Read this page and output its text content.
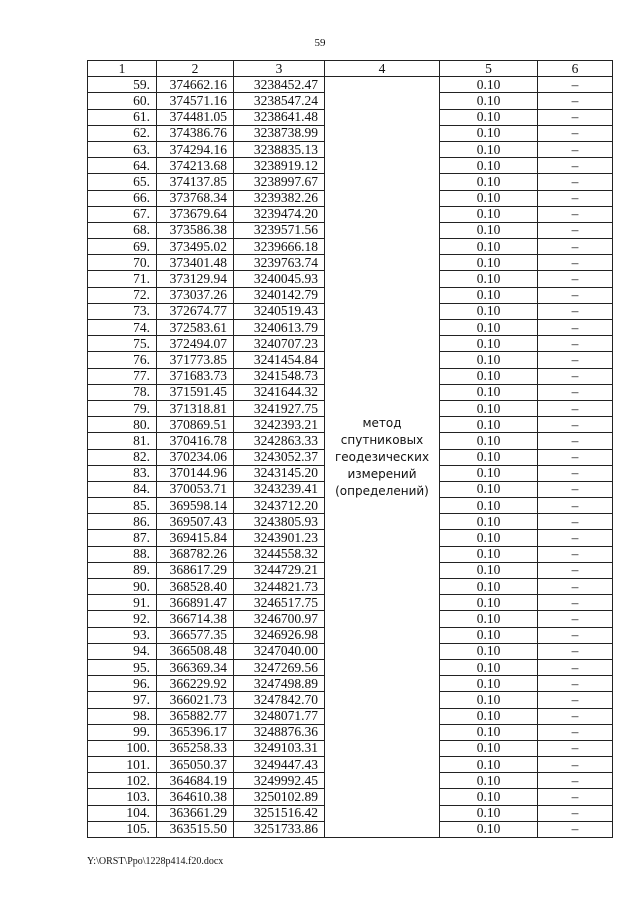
59
1	2	3	4	5	6
59.	374662.16	3238452.47	метод
спутниковых
геодезических
измерений
(определений)	0.10	–
60.	374571.16	3238547.24		0.10	–
61.	374481.05	3238641.48		0.10	–
62.	374386.76	3238738.99		0.10	–
63.	374294.16	3238835.13		0.10	–
64.	374213.68	3238919.12		0.10	–
65.	374137.85	3238997.67		0.10	–
66.	373768.34	3239382.26		0.10	–
67.	373679.64	3239474.20		0.10	–
68.	373586.38	3239571.56		0.10	–
69.	373495.02	3239666.18		0.10	–
70.	373401.48	3239763.74		0.10	–
71.	373129.94	3240045.93		0.10	–
72.	373037.26	3240142.79		0.10	–
73.	372674.77	3240519.43		0.10	–
74.	372583.61	3240613.79		0.10	–
75.	372494.07	3240707.23		0.10	–
76.	371773.85	3241454.84		0.10	–
77.	371683.73	3241548.73		0.10	–
78.	371591.45	3241644.32		0.10	–
79.	371318.81	3241927.75		0.10	–
80.	370869.51	3242393.21		0.10	–
81.	370416.78	3242863.33		0.10	–
82.	370234.06	3243052.37		0.10	–
83.	370144.96	3243145.20		0.10	–
84.	370053.71	3243239.41		0.10	–
85.	369598.14	3243712.20		0.10	–
86.	369507.43	3243805.93		0.10	–
87.	369415.84	3243901.23		0.10	–
88.	368782.26	3244558.32		0.10	–
89.	368617.29	3244729.21		0.10	–
90.	368528.40	3244821.73		0.10	–
91.	366891.47	3246517.75		0.10	–
92.	366714.38	3246700.97		0.10	–
93.	366577.35	3246926.98		0.10	–
94.	366508.48	3247040.00		0.10	–
95.	366369.34	3247269.56		0.10	–
96.	366229.92	3247498.89		0.10	–
97.	366021.73	3247842.70		0.10	–
98.	365882.77	3248071.77		0.10	–
99.	365396.17	3248876.36		0.10	–
100.	365258.33	3249103.31		0.10	–
101.	365050.37	3249447.43		0.10	–
102.	364684.19	3249992.45		0.10	–
103.	364610.38	3250102.89		0.10	–
104.	363661.29	3251516.42		0.10	–
105.	363515.50	3251733.86		0.10	–
Y:\ORST\Ppo\1228p414.f20.docx
